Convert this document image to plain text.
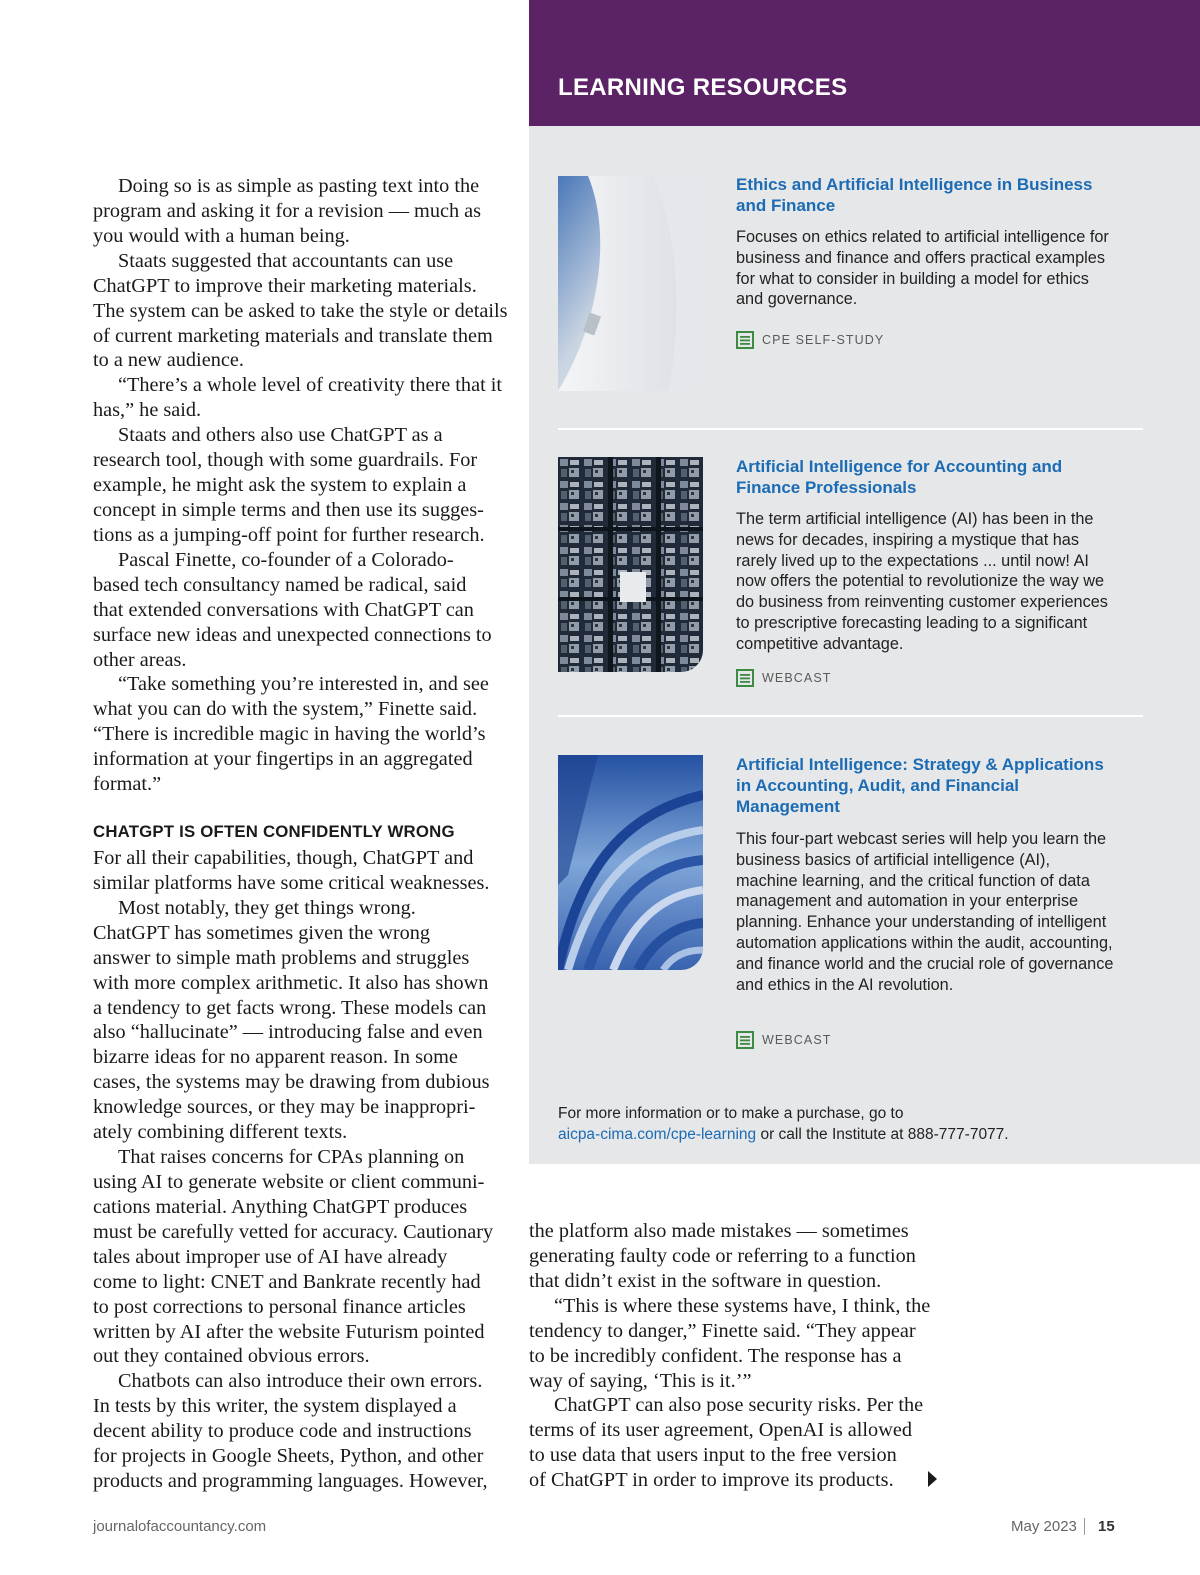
LEARNING RESOURCES
Ethics and Artificial Intelligence in Business and Finance

Focuses on ethics related to artificial intelligence for business and finance and offers practical examples for what to consider in building a model for ethics and governance.

CPE SELF-STUDY
Artificial Intelligence for Accounting and Finance Professionals

The term artificial intelligence (AI) has been in the news for decades, inspiring a mystique that has rarely lived up to the expectations ... until now! AI now offers the potential to revolutionize the way we do business from reinventing customer experiences to prescriptive forecasting leading to a significant competitive advantage.

WEBCAST
Artificial Intelligence: Strategy & Applications in Accounting, Audit, and Financial Management

This four-part webcast series will help you learn the business basics of artificial intelligence (AI), machine learning, and the critical function of data management and automation in your enterprise planning. Enhance your understanding of intelligent automation applications within the audit, accounting, and finance world and the crucial role of governance and ethics in the AI revolution.

WEBCAST

For more information or to make a purchase, go to
aicpa-cima.com/cpe-learning or call the Institute at 888-777-7077.

Doing so is as simple as pasting text into the
program and asking it for a revision — much as
you would with a human being.
Staats suggested that accountants can use
ChatGPT to improve their marketing materials.
The system can be asked to take the style or details
of current marketing materials and translate them
to a new audience.
“There’s a whole level of creativity there that it
has,” he said.
Staats and others also use ChatGPT as a
research tool, though with some guardrails. For
example, he might ask the system to explain a
concept in simple terms and then use its sugges-
tions as a jumping-off point for further research.
Pascal Finette, co-founder of a Colorado-
based tech consultancy named be radical, said
that extended conversations with ChatGPT can
surface new ideas and unexpected connections to
other areas.
“Take something you’re interested in, and see
what you can do with the system,” Finette said.
“There is incredible magic in having the world’s
information at your fingertips in an aggregated
format.”
CHATGPT IS OFTEN CONFIDENTLY WRONG
For all their capabilities, though, ChatGPT and
similar platforms have some critical weaknesses.
Most notably, they get things wrong.
ChatGPT has sometimes given the wrong
answer to simple math problems and struggles
with more complex arithmetic. It also has shown
a tendency to get facts wrong. These models can
also “hallucinate” — introducing false and even
bizarre ideas for no apparent reason. In some
cases, the systems may be drawing from dubious
knowledge sources, or they may be inappropri-
ately combining different texts.
That raises concerns for CPAs planning on
using AI to generate website or client communi-
cations material. Anything ChatGPT produces
must be carefully vetted for accuracy. Cautionary
tales about improper use of AI have already
come to light: CNET and Bankrate recently had
to post corrections to personal finance articles
written by AI after the website Futurism pointed
out they contained obvious errors.
Chatbots can also introduce their own errors.
In tests by this writer, the system displayed a
decent ability to produce code and instructions
for projects in Google Sheets, Python, and other
products and programming languages. However,
the platform also made mistakes — sometimes
generating faulty code or referring to a function
that didn’t exist in the software in question.
“This is where these systems have, I think, the
tendency to danger,” Finette said. “They appear
to be incredibly confident. The response has a
way of saying, ‘This is it.’”
ChatGPT can also pose security risks. Per the
terms of its user agreement, OpenAI is allowed
to use data that users input to the free version
of ChatGPT in order to improve its products.

journalofaccountancy.com	May 2023 15
